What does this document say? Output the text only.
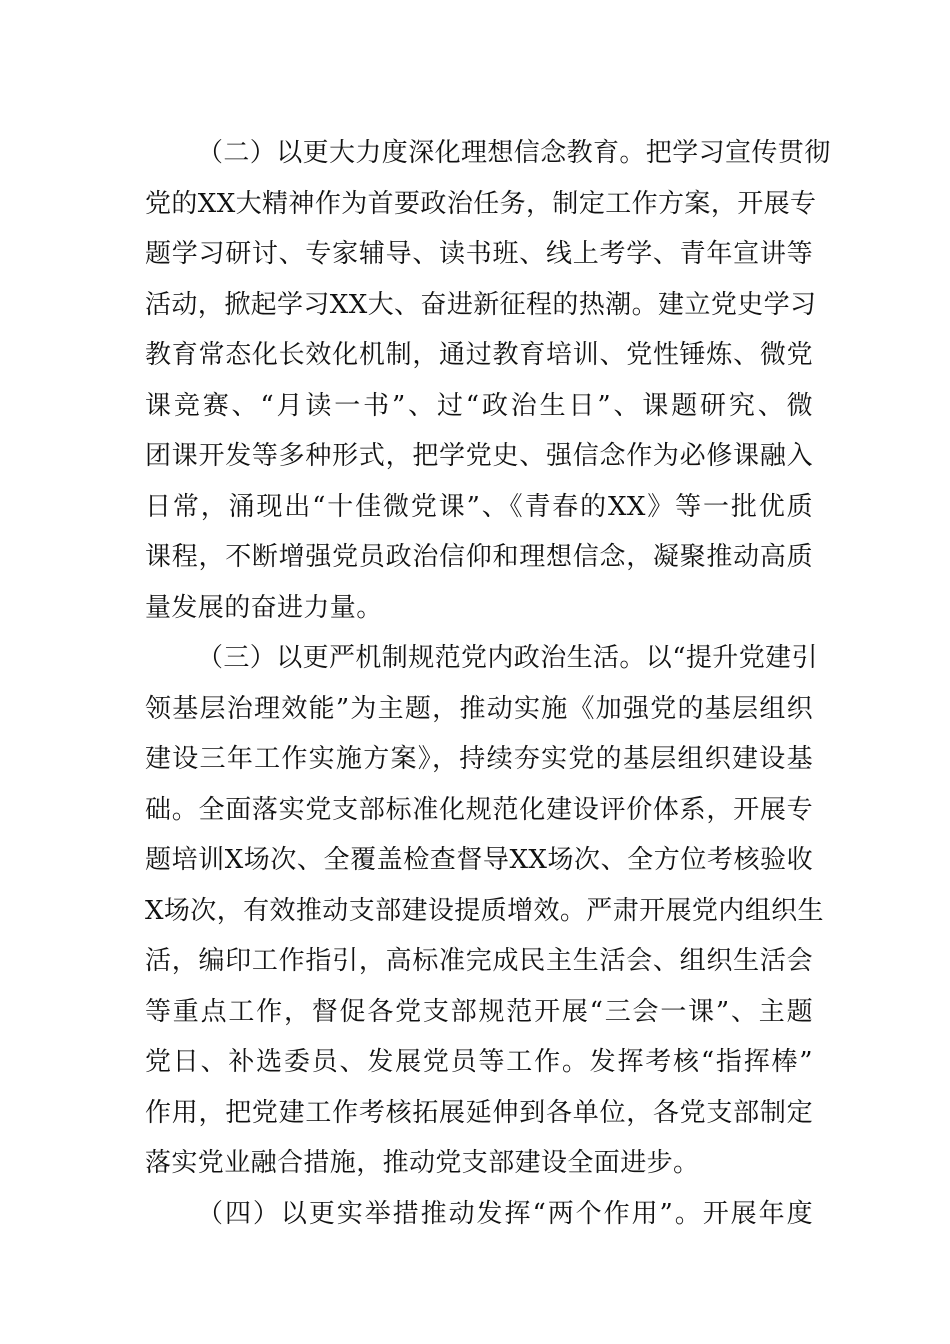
（二）以更大力度深化理想信念教育。把学习宣传贯彻
党的XX大精神作为首要政治任务，制定工作方案，开展专
题学习研讨、专家辅导、读书班、线上考学、青年宣讲等
活动，掀起学习XX大、奋进新征程的热潮。建立党史学习
教育常态化长效化机制，通过教育培训、党性锤炼、微党
课竞赛、“月读一书”、过“政治生日”、课题研究、微
团课开发等多种形式，把学党史、强信念作为必修课融入
日常，涌现出“十佳微党课”、《青春的XX》等一批优质
课程，不断增强党员政治信仰和理想信念，凝聚推动高质
量发展的奋进力量。
（三）以更严机制规范党内政治生活。以“提升党建引
领基层治理效能”为主题，推动实施《加强党的基层组织
建设三年工作实施方案》，持续夯实党的基层组织建设基
础。全面落实党支部标准化规范化建设评价体系，开展专
题培训X场次、全覆盖检查督导XX场次、全方位考核验收
X场次，有效推动支部建设提质增效。严肃开展党内组织生
活，编印工作指引，高标准完成民主生活会、组织生活会
等重点工作，督促各党支部规范开展“三会一课”、主题
党日、补选委员、发展党员等工作。发挥考核“指挥棒”
作用，把党建工作考核拓展延伸到各单位，各党支部制定
落实党业融合措施，推动党支部建设全面进步。
（四）以更实举措推动发挥“两个作用”。开展年度
